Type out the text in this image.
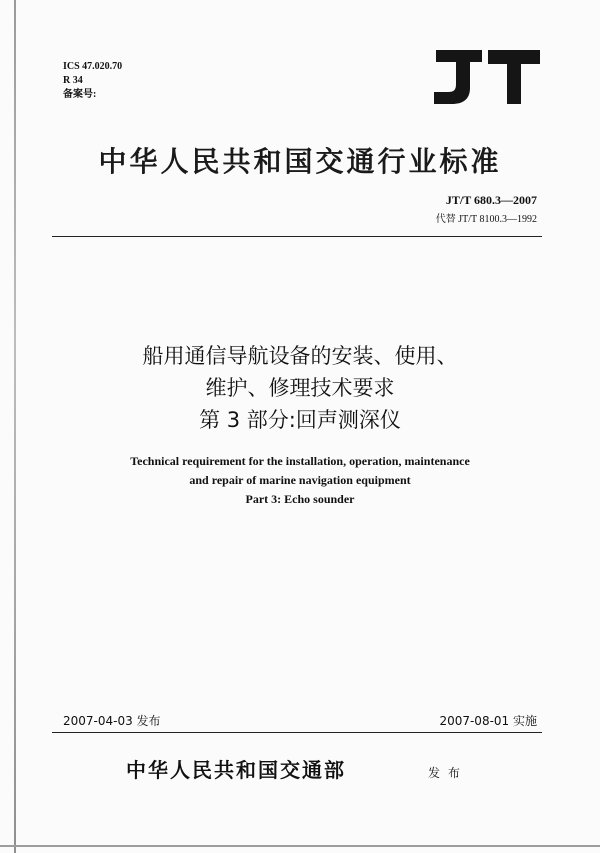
ICS 47.020.70
R 34
备案号:
中华人民共和国交通行业标准
JT/T 680.3—2007
代替 JT/T 8100.3—1992
船用通信导航设备的安装、使用、
维护、修理技术要求
第 3 部分:回声测深仪
Technical requirement for the installation, operation, maintenance
and repair of marine navigation equipment
Part 3: Echo sounder
2007-04-03 发布	2007-08-01 实施
中华人民共和国交通部	发 布
